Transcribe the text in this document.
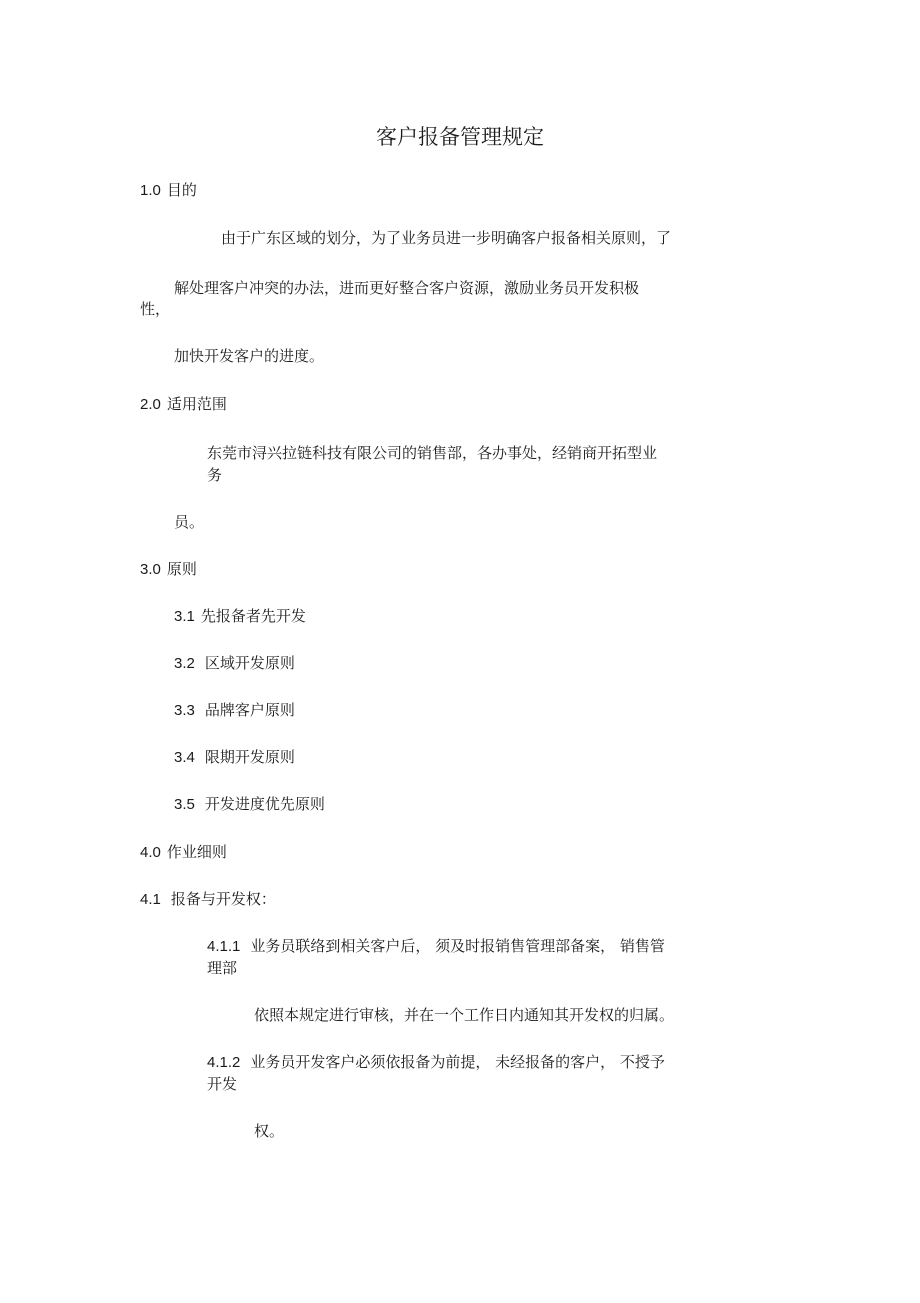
客户报备管理规定
1.0 目的
由于广东区域的划分，为了业务员进一步明确客户报备相关原则，了
解处理客户冲突的办法，进而更好整合客户资源，激励业务员开发积极
性，
加快开发客户的进度。
2.0 适用范围
东莞市浔兴拉链科技有限公司的销售部，各办事处，经销商开拓型业
务
员。
3.0 原则
3.1 先报备者先开发
3.2 区域开发原则
3.3 品牌客户原则
3.4 限期开发原则
3.5 开发进度优先原则
4.0 作业细则
4.1 报备与开发权：
4.1.1 业务员联络到相关客户后， 须及时报销售管理部备案， 销售管
理部
依照本规定进行审核，并在一个工作日内通知其开发权的归属。
4.1.2 业务员开发客户必须依报备为前提， 未经报备的客户， 不授予
开发
权。
